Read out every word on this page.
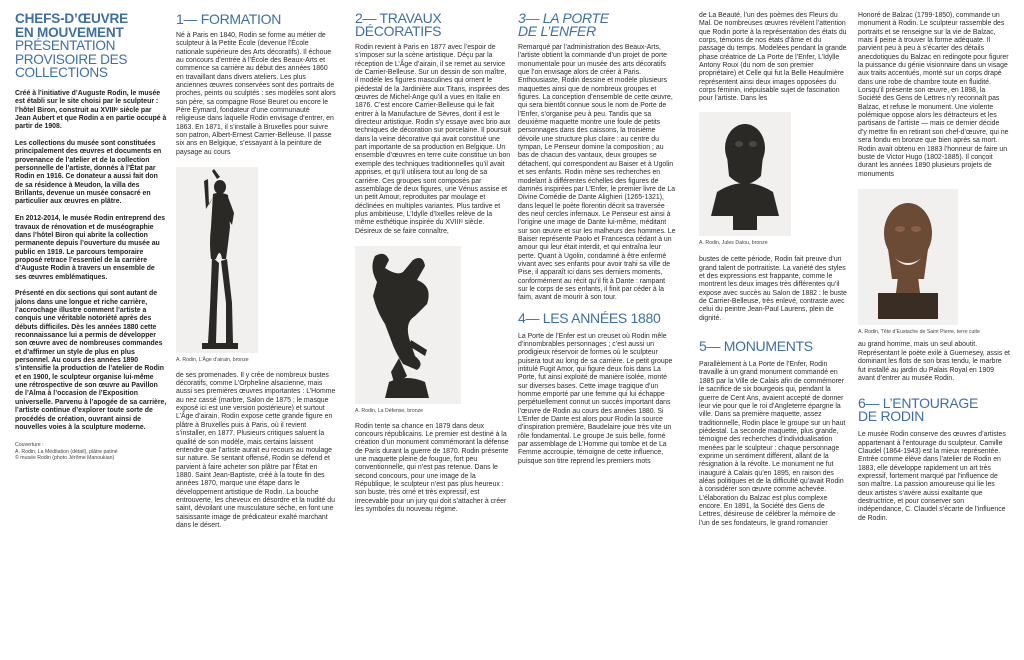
CHEFS-D’ŒUVRE
EN MOUVEMENT
PRÉSENTATION
PROVISOIRE DES
COLLECTIONS

Créé à l’initiative d’Auguste Rodin, le musée est établi sur le site choisi par le sculpteur : l’hôtel Biron, construit au XVIIIᵉ siècle par Jean Aubert et que Rodin a en partie occupé à partir de 1908.

Les collections du musée sont constituées principalement des œuvres et documents en provenance de l’atelier et de la collection personnelle de l’artiste, donnés à l’État par Rodin en 1916. Ce donateur a aussi fait don de sa résidence à Meudon, la villa des Brillants, devenue un musée consacré en particulier aux œuvres en plâtre.

En 2012-2014, le musée Rodin entreprend des travaux de rénovation et de muséographie dans l’hôtel Biron qui abrite la collection permanente depuis l’ouverture du musée au public en 1919. Le parcours temporaire proposé retrace l’essentiel de la carrière d’Auguste Rodin à travers un ensemble de ses œuvres emblématiques.

Présenté en dix sections qui sont autant de jalons dans une longue et riche carrière, l’accrochage illustre comment l’artiste a conquis une véritable notoriété après des débuts difficiles. Dès les années 1880 cette reconnaissance lui a permis de développer son œuvre avec de nombreuses commandes et d’affirmer un style de plus en plus personnel. Au cours des années 1890 s’intensifie la production de l’atelier de Rodin et en 1900, le sculpteur organise lui-même une rétrospective de son œuvre au Pavillon de l’Alma à l’occasion de l’Exposition universelle. Parvenu à l’apogée de sa carrière, l’artiste continue d’explorer toute sorte de procédés de création, ouvrant ainsi de nouvelles voies à la sculpture moderne.

Couverture :
A. Rodin, La Méditation (détail), plâtre patiné
© musée Rodin (photo Jérôme Manoukian)
1— FORMATION

Né à Paris en 1840, Rodin se forme au métier de sculpteur à la Petite École (devenue l’École nationale supérieure des Arts décoratifs). Il échoue au concours d’entrée à l’École des Beaux-Arts et commence sa carrière au début des années 1860 en travaillant dans divers ateliers. Les plus anciennes œuvres conservées sont des portraits de proches, peints ou sculptés : ses modèles sont alors son père, sa compagne Rose Beuret ou encore le Père Eymard, fondateur d’une communauté religieuse dans laquelle Rodin envisage d’entrer, en 1863. En 1871, il s’installe à Bruxelles pour suivre son patron, Albert-Ernest Carrier-Belleuse. Il passe six ans en Belgique, s’essayant à la peinture de paysage au cours

A. Rodin, L’Âge d’airain, bronze

de ses promenades. Il y crée de nombreux bustes décoratifs, comme L’Orpheline alsacienne, mais aussi ses premières œuvres importantes : L’Homme au nez cassé (marbre, Salon de 1875 ; le masque exposé ici est une version postérieure) et surtout L’Âge d’airain. Rodin expose cette grande figure en plâtre à Bruxelles puis à Paris, où il revient s’installer, en 1877. Plusieurs critiques saluent la qualité de son modèle, mais certains laissent entendre que l’artiste aurait eu recours au moulage sur nature. Se sentant offensé, Rodin se défend et parvient à faire acheter son plâtre par l’État en 1880. Saint Jean-Baptiste, créé à la toute fin des années 1870, marque une étape dans le développement artistique de Rodin. La bouche entrouverte, les cheveux en désordre et la nudité du saint, dévoilant une musculature sèche, en font une saisissante image de prédicateur exalté marchant dans le désert.

2— TRAVAUX
DÉCORATIFS

Rodin revient à Paris en 1877 avec l’espoir de s’imposer sur la scène artistique. Déçu par la réception de L’Âge d’airain, il se remet au service de Carrier-Belleuse. Sur un dessin de son maître, il modèle les figures masculines qui ornent le piédestal de la Jardinière aux Titans, inspirées des œuvres de Michel-Ange qu’il a vues en Italie en 1876. C’est encore Carrier-Belleuse qui le fait entrer à la Manufacture de Sèvres, dont il est le directeur artistique. Rodin s’y essaye avec brio aux techniques de décoration sur porcelaine. Il poursuit dans la veine décorative qui avait constitué une part importante de sa production en Belgique. Un ensemble d’œuvres en terre cuite constitue un bon exemple des techniques traditionnelles qu’il avait apprises, et qu’il utilisera tout au long de sa carrière. Ces groupes sont composés par assemblage de deux figures, une Vénus assise et un petit Amour, reproduites par moulage et déclinées en multiples variantes. Plus tardive et plus ambitieuse, L’Idylle d’Ixelles relève de la même esthétique inspirée du XVIIIᵉ siècle. Désireux de se faire connaître,

A. Rodin, La Défense, bronze

Rodin tente sa chance en 1879 dans deux concours républicains. Le premier est destiné à la création d’un monument commémorant la défense de Paris durant la guerre de 1870. Rodin présente une maquette pleine de fougue, fort peu conventionnelle, qui n’est pas retenue. Dans le second concours, pour une image de la République, le sculpteur n’est pas plus heureux : son buste, très orné et très expressif, est irrecevable pour un jury qui doit s’attacher à créer les symboles du nouveau régime.

3— LA PORTE
DE L’ENFER

Remarqué par l’administration des Beaux-Arts, l’artiste obtient la commande d’un projet de porte monumentale pour un musée des arts décoratifs que l’on envisage alors de créer à Paris. Enthousiaste, Rodin dessine et modèle plusieurs maquettes ainsi que de nombreux groupes et figures. La conception d’ensemble de cette œuvre, qui sera bientôt connue sous le nom de Porte de l’Enfer, s’organise peu à peu. Tandis que sa deuxième maquette montre une foule de petits personnages dans des caissons, la troisième dévoile une structure plus claire : au centre du tympan, Le Penseur domine la composition ; au bas de chacun des vantaux, deux groupes se détachent, qui correspondent au Baiser et à Ugolin et ses enfants. Rodin mène ses recherches en modelant à différentes échelles des figures de damnés inspirées par L’Enfer, le premier livre de La Divine Comédie de Dante Alighieri (1265-1321), dans lequel le poète florentin décrit sa traversée des neuf cercles infernaux. Le Penseur est ainsi à l’origine une image de Dante lui-même, méditant sur son œuvre et sur les malheurs des hommes. Le Baiser représente Paolo et Francesca cédant à un amour qui leur était interdit, et qui entraîna leur perte. Quant à Ugolin, condamné à être enfermé vivant avec ses enfants pour avoir trahi sa ville de Pise, il apparaît ici dans ses derniers moments, conformément au récit qu’il fit à Dante : rampant sur le corps de ses enfants, il finit par céder à la faim, avant de mourir à son tour.

4— LES ANNÉES 1880

La Porte de l’Enfer est un creuset où Rodin mêle d’innombrables personnages ; c’est aussi un prodigieux réservoir de formes où le sculpteur puisera tout au long de sa carrière. Le petit groupe intitulé Fugit Amor, qui figure deux fois dans La Porte, fut ainsi exploité de manière isolée, monté sur diverses bases. Cette image tragique d’un homme emporté par une femme qui lui échappe perpétuellement connut un succès important dans l’œuvre de Rodin au cours des années 1880. Si L’Enfer de Dante est alors pour Rodin la source d’inspiration première, Baudelaire joue très vite un rôle fondamental. Le groupe Je suis belle, formé par assemblage de L’Homme qui tombe et de La Femme accroupie, témoigne de cette influence, puisque son titre reprend les premiers mots

de La Beauté, l’un des poèmes des Fleurs du Mal. De nombreuses œuvres révèlent l’attention que Rodin porte à la représentation des états du corps, témoins de nos états d’âme et du passage du temps. Modelées pendant la grande phase créatrice de La Porte de l’Enfer, L’Idylle Antony Roux (du nom de son premier propriétaire) et Celle qui fut la Belle Heaulmière représentent ainsi deux images opposées du corps féminin, inépuisable sujet de fascination pour l’artiste. Dans les

A. Rodin, Jules Dalou, bronze

bustes de cette période, Rodin fait preuve d’un grand talent de portraitiste. La variété des styles et des expressions est frappante, comme le montrent les deux images très différentes qu’il expose avec succès au Salon de 1882 : le buste de Carrier-Belleuse, très enlevé, contraste avec celui du peintre Jean-Paul Laurens, plein de dignité.

5— MONUMENTS

Parallèlement à La Porte de l’Enfer, Rodin travaille à un grand monument commandé en 1885 par la Ville de Calais afin de commémorer le sacrifice de six bourgeois qui, pendant la guerre de Cent Ans, avaient accepté de donner leur vie pour que le roi d’Angleterre épargne la ville. Dans sa première maquette, assez traditionnelle, Rodin place le groupe sur un haut piédestal. La seconde maquette, plus grande, témoigne des recherches d’individualisation menées par le sculpteur : chaque personnage exprime un sentiment différent, allant de la résignation à la révolte. Le monument ne fut inauguré à Calais qu’en 1895, en raison des aléas politiques et de la difficulté qu’avait Rodin à considérer son œuvre comme achevée. L’élaboration du Balzac est plus complexe encore. En 1891, la Société des Gens de Lettres, désireuse de célébrer la mémoire de l’un de ses fondateurs, le grand romancier

Honoré de Balzac (1799-1850), commande un monument à Rodin. Le sculpteur rassemble des portraits et se renseigne sur la vie de Balzac, mais il peine à trouver la forme adéquate. Il parvient peu à peu à s’écarter des détails anecdotiques du Balzac en redingote pour figurer la puissance du génie visionnaire dans un visage aux traits accentués, monté sur un corps drapé dans une robe de chambre toute en fluidité. Lorsqu’il présente son œuvre, en 1898, la Société des Gens de Lettres n’y reconnaît pas Balzac, et refuse le monument. Une violente polémique oppose alors les détracteurs et les partisans de l’artiste — mais ce dernier décide d’y mettre fin en retirant son chef-d’œuvre, qui ne sera fondu en bronze que bien après sa mort. Rodin avait obtenu en 1883 l’honneur de faire un buste de Victor Hugo (1802-1885). Il conçoit durant les années 1890 plusieurs projets de monuments

A. Rodin, Tête d’Eustache de Saint Pierre, terre cuite

au grand homme, mais un seul aboutit. Représentant le poète exilé à Guernesey, assis et dominant les flots de son bras tendu, le marbre fut installé au jardin du Palais Royal en 1909 avant d’entrer au musée Rodin.

6— L’ENTOURAGE
DE RODIN

Le musée Rodin conserve des œuvres d’artistes appartenant à l’entourage du sculpteur. Camille Claudel (1864-1943) est la mieux représentée. Entrée comme élève dans l’atelier de Rodin en 1883, elle développe rapidement un art très expressif, fortement marqué par l’influence de son maître. La passion amoureuse qui lie les deux artistes s’avère aussi exaltante que destructrice, et pour conserver son indépendance, C. Claudel s’écarte de l’influence de Rodin.
